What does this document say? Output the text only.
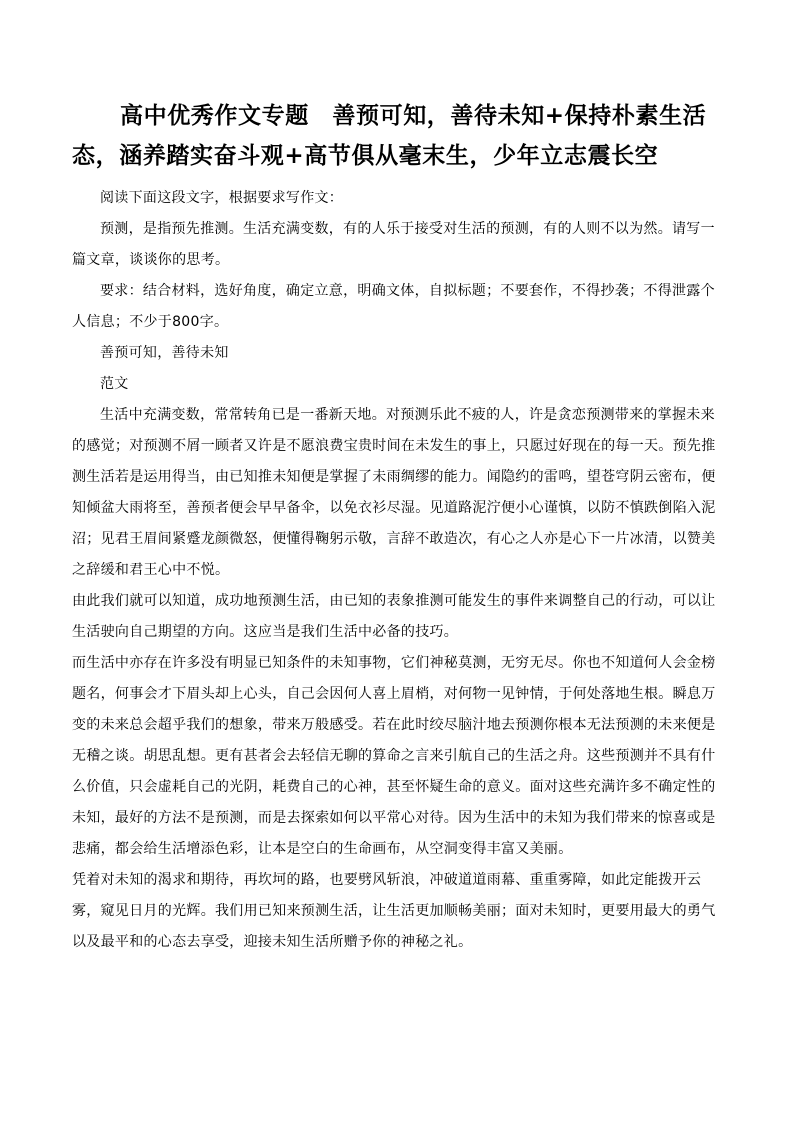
高中优秀作文专题　善预可知，善待未知+保持朴素生活态，涵养踏实奋斗观+高节俱从毫末生，少年立志震长空

阅读下面这段文字，根据要求写作文：

预测，是指预先推测。生活充满变数，有的人乐于接受对生活的预测，有的人则不以为然。请写一篇文章，谈谈你的思考。

要求：结合材料，选好角度，确定立意，明确文体，自拟标题；不要套作，不得抄袭；不得泄露个人信息；不少于800字。

善预可知，善待未知

范文

生活中充满变数，常常转角已是一番新天地。对预测乐此不疲的人，许是贪恋预测带来的掌握未来的感觉；对预测不屑一顾者又许是不愿浪费宝贵时间在未发生的事上，只愿过好现在的每一天。预先推测生活若是运用得当，由已知推未知便是掌握了未雨绸缪的能力。闻隐约的雷鸣，望苍穹阴云密布，便知倾盆大雨将至，善预者便会早早备伞，以免衣衫尽湿。见道路泥泞便小心谨慎，以防不慎跌倒陷入泥沼；见君王眉间紧蹙龙颜微怒，便懂得鞠躬示敬，言辞不敢造次，有心之人亦是心下一片冰清，以赞美之辞缓和君王心中不悦。

由此我们就可以知道，成功地预测生活，由已知的表象推测可能发生的事件来调整自己的行动，可以让生活驶向自己期望的方向。这应当是我们生活中必备的技巧。

而生活中亦存在许多没有明显已知条件的未知事物，它们神秘莫测，无穷无尽。你也不知道何人会金榜题名，何事会才下眉头却上心头，自己会因何人喜上眉梢，对何物一见钟情，于何处落地生根。瞬息万变的未来总会超乎我们的想象，带来万般感受。若在此时绞尽脑汁地去预测你根本无法预测的未来便是无稽之谈。胡思乱想。更有甚者会去轻信无聊的算命之言来引航自己的生活之舟。这些预测并不具有什么价值，只会虚耗自己的光阴，耗费自己的心神，甚至怀疑生命的意义。面对这些充满许多不确定性的未知，最好的方法不是预测，而是去探索如何以平常心对待。因为生活中的未知为我们带来的惊喜或是悲痛，都会给生活增添色彩，让本是空白的生命画布，从空洞变得丰富又美丽。

凭着对未知的渴求和期待，再坎坷的路，也要劈风斩浪，冲破道道雨幕、重重雾障，如此定能拨开云雾，窥见日月的光辉。我们用已知来预测生活，让生活更加顺畅美丽；面对未知时，更要用最大的勇气以及最平和的心态去享受，迎接未知生活所赠予你的神秘之礼。
